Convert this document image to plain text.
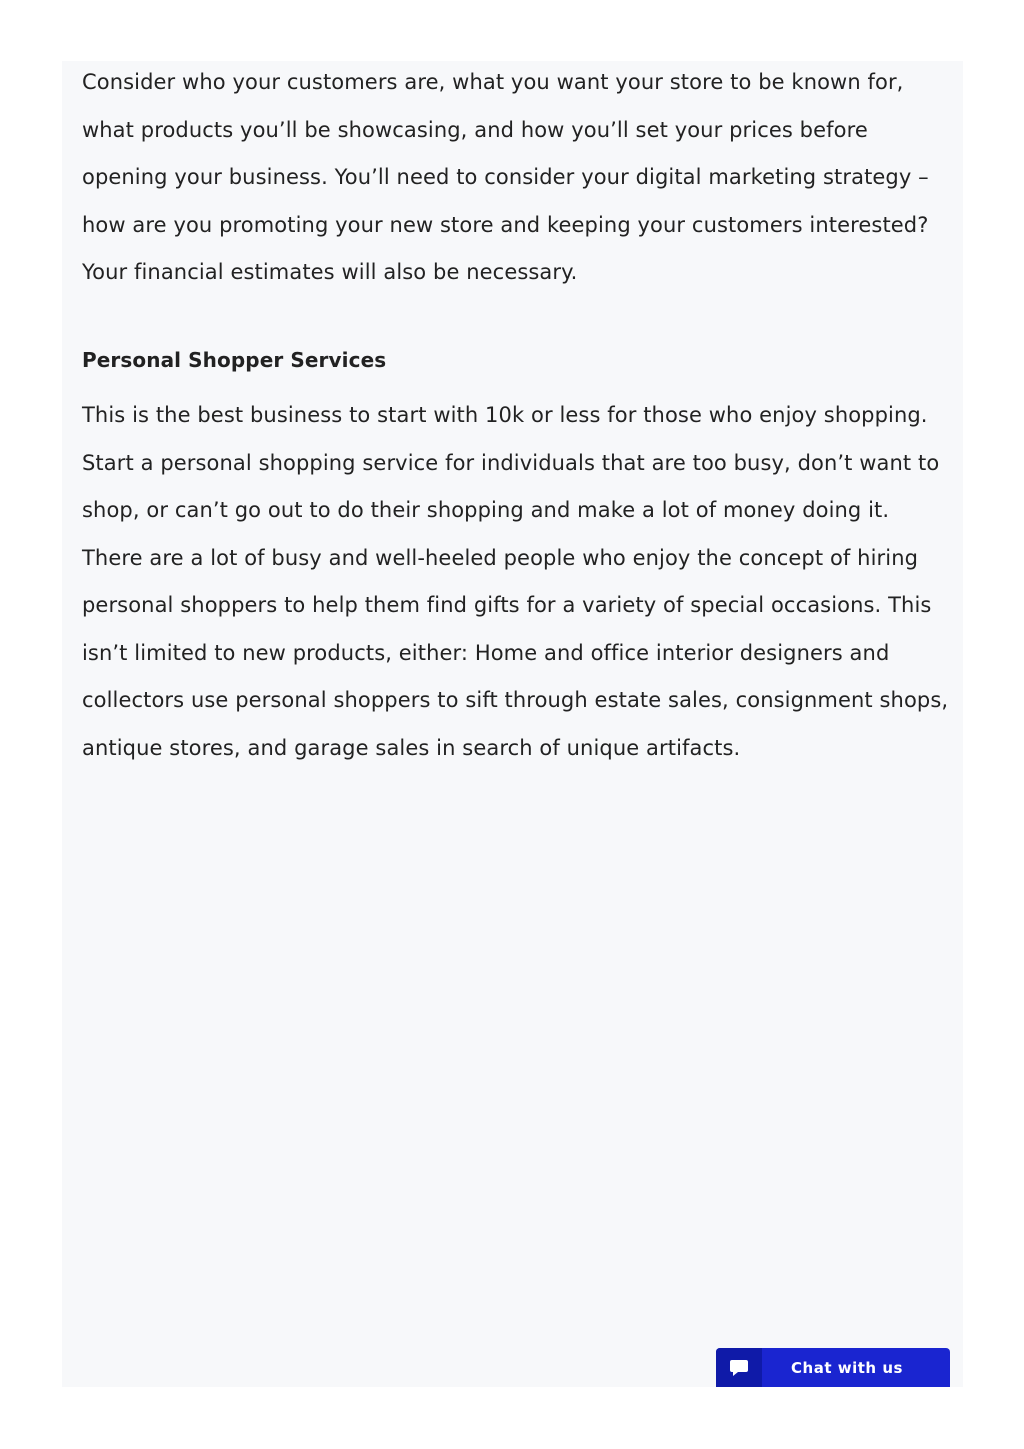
Consider who your customers are, what you want your store to be known for, what products you’ll be showcasing, and how you’ll set your prices before opening your business. You’ll need to consider your digital marketing strategy – how are you promoting your new store and keeping your customers interested? Your financial estimates will also be necessary.

Personal Shopper Services

This is the best business to start with 10k or less for those who enjoy shopping. Start a personal shopping service for individuals that are too busy, don’t want to shop, or can’t go out to do their shopping and make a lot of money doing it. There are a lot of busy and well-heeled people who enjoy the concept of hiring personal shoppers to help them find gifts for a variety of special occasions. This isn’t limited to new products, either: Home and office interior designers and collectors use personal shoppers to sift through estate sales, consignment shops, antique stores, and garage sales in search of unique artifacts.

Chat with us
